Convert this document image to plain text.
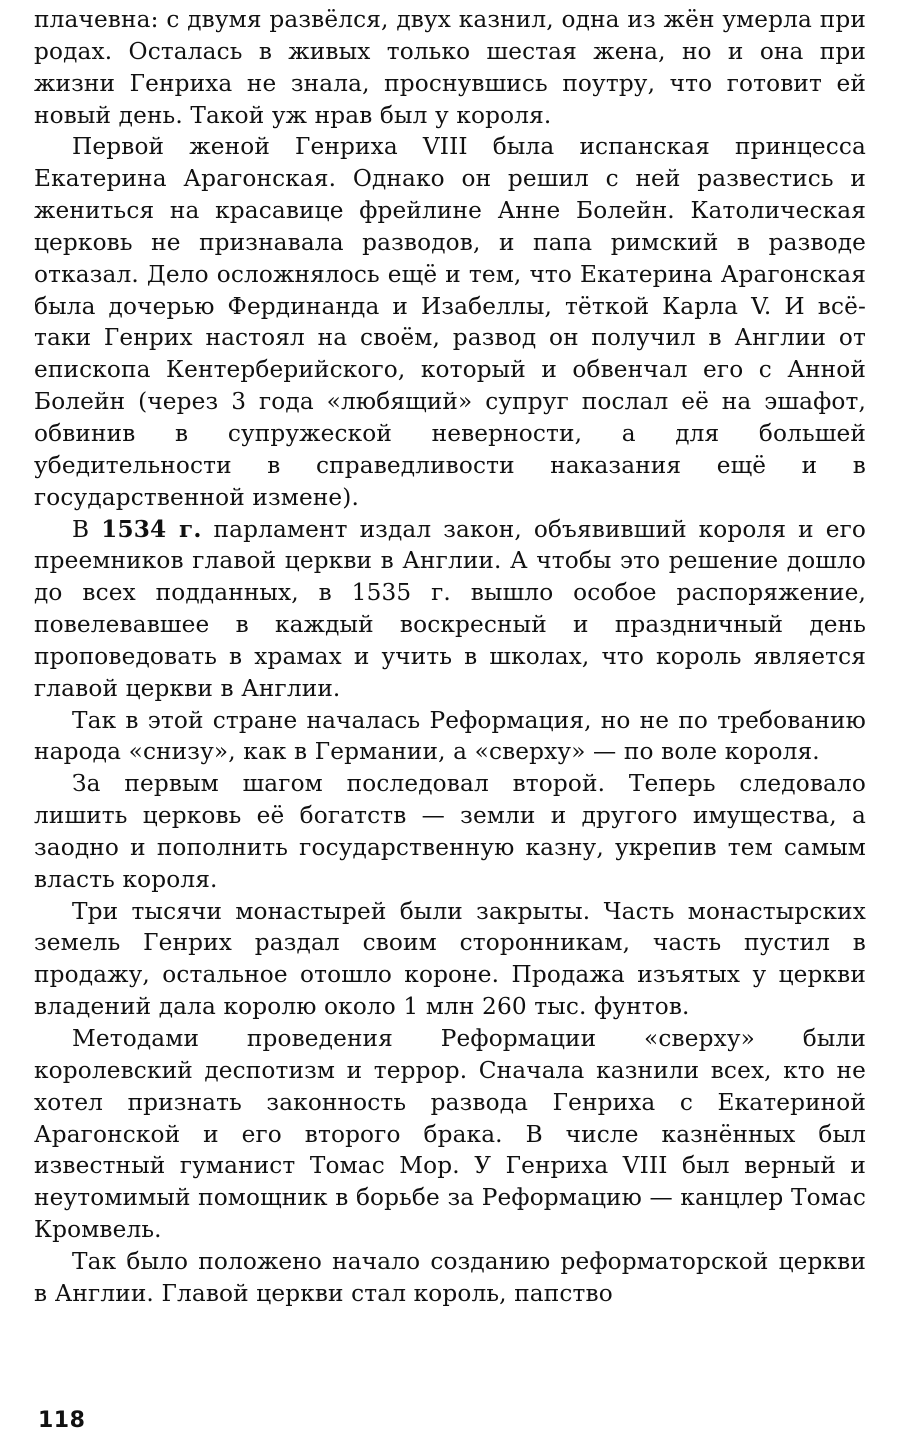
плачевна: с двумя развёлся, двух казнил, одна из жён умерла при родах. Осталась в живых только шестая жена, но и она при жизни Генриха не знала, проснувшись поутру, что готовит ей новый день. Такой уж нрав был у короля.

Первой женой Генриха VIII была испанская принцесса Екатерина Арагонская. Однако он решил с ней развестись и жениться на красавице фрейлине Анне Болейн. Католическая церковь не признавала разводов, и папа римский в разводе отказал. Дело осложнялось ещё и тем, что Екатерина Арагонская была дочерью Фердинанда и Изабеллы, тёткой Карла V. И всё-таки Генрих настоял на своём, развод он получил в Англии от епископа Кентерберийского, который и обвенчал его с Анной Болейн (через 3 года «любящий» супруг послал её на эшафот, обвинив в супружеской неверности, а для большей убедительности в справедливости наказания ещё и в государственной измене).

В 1534 г. парламент издал закон, объявивший короля и его преемников главой церкви в Англии. А чтобы это решение дошло до всех подданных, в 1535 г. вышло особое распоряжение, повелевавшее в каждый воскресный и праздничный день проповедовать в храмах и учить в школах, что король является главой церкви в Англии.

Так в этой стране началась Реформация, но не по требованию народа «снизу», как в Германии, а «сверху» — по воле короля.

За первым шагом последовал второй. Теперь следовало лишить церковь её богатств — земли и другого имущества, а заодно и пополнить государственную казну, укрепив тем самым власть короля.

Три тысячи монастырей были закрыты. Часть монастырских земель Генрих раздал своим сторонникам, часть пустил в продажу, остальное отошло короне. Продажа изъятых у церкви владений дала королю около 1 млн 260 тыс. фунтов.

Методами проведения Реформации «сверху» были королевский деспотизм и террор. Сначала казнили всех, кто не хотел признать законность развода Генриха с Екатериной Арагонской и его второго брака. В числе казнённых был известный гуманист Томас Мор. У Генриха VIII был верный и неутомимый помощник в борьбе за Реформацию — канцлер Томас Кромвель.

Так было положено начало созданию реформаторской церкви в Англии. Главой церкви стал король, папство

118
